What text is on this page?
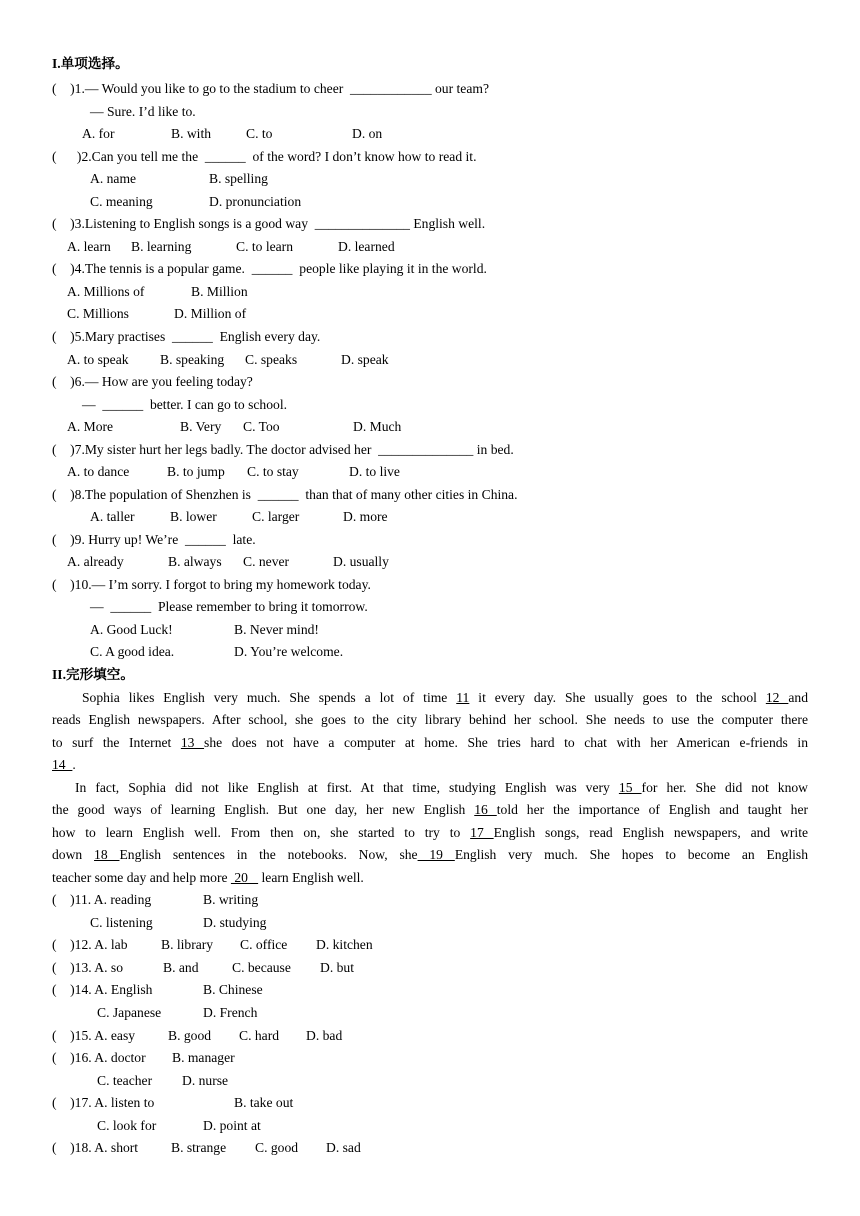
I.单项选择。
(    )1.— Would you like to go to the stadium to cheer  ____________ our team?
— Sure. I’d like to.
A. for	B. with	C. to	D. on
(      )2.Can you tell me the  ______  of the word? I don’t know how to read it.
A. name	B. spelling
C. meaning	D. pronunciation
(    )3.Listening to English songs is a good way  ______________ English well.
A. learn B. learning	C. to learn	D. learned
(    )4.The tennis is a popular game.  ______  people like playing it in the world.
A. Millions of	B. Million
C. Millions	D. Million of
(    )5.Mary practises  ______  English every day.
A. to speak B. speaking C. speaks	D. speak
(    )6.— How are you feeling today?
—  ______  better. I can go to school.
A. More	B. Very C. Too	D. Much
(    )7.My sister hurt her legs badly. The doctor advised her  ______________ in bed.
A. to dance	B. to jump C. to stay	D. to live
(    )8.The population of Shenzhen is  ______  than that of many other cities in China.
A. taller	B. lower	C. larger	D. more
(    )9. Hurry up! We’re  ______  late.
A. already	B. always C. never	D. usually
(    )10.— I’m sorry. I forgot to bring my homework today.
—  ______  Please remember to bring it tomorrow.
A. Good Luck!	B. Never mind!
C. A good idea.	D. You’re welcome.
II.完形填空。
Sophia likes English very much. She spends a lot of time 11 it every day. She usually goes to the school 12 and
reads English newspapers. After school, she goes to the city library behind her school. She needs to use the computer there
to surf the Internet 13 she does not have a computer at home. She tries hard to chat with her American e-friends in
14  .
In fact, Sophia did not like English at first. At that time, studying English was very 15 for her. She did not know
the good ways of learning English. But one day, her new English 16 told her the importance of English and taught her
how to learn English well. From then on, she started to try to 17 English songs, read English newspapers, and write
down 18 English sentences in the notebooks. Now, she 19 English very much. She hopes to become an English
teacher some day and help more  20    learn English well.
(    )11. A. reading	B. writing
C. listening	D. studying
(    )12. A. lab B. library C. office D. kitchen
(    )13. A. so	B. and C. because D. but
(    )14. A. English	B. Chinese
C. Japanese	D. French
(    )15. A. easy B. good C. hard D. bad
(    )16. A. doctor B. manager
C. teacher D. nurse
(    )17. A. listen to	B. take out
C. look for	D. point at
(    )18. A. short B. strange C. good D. sad
